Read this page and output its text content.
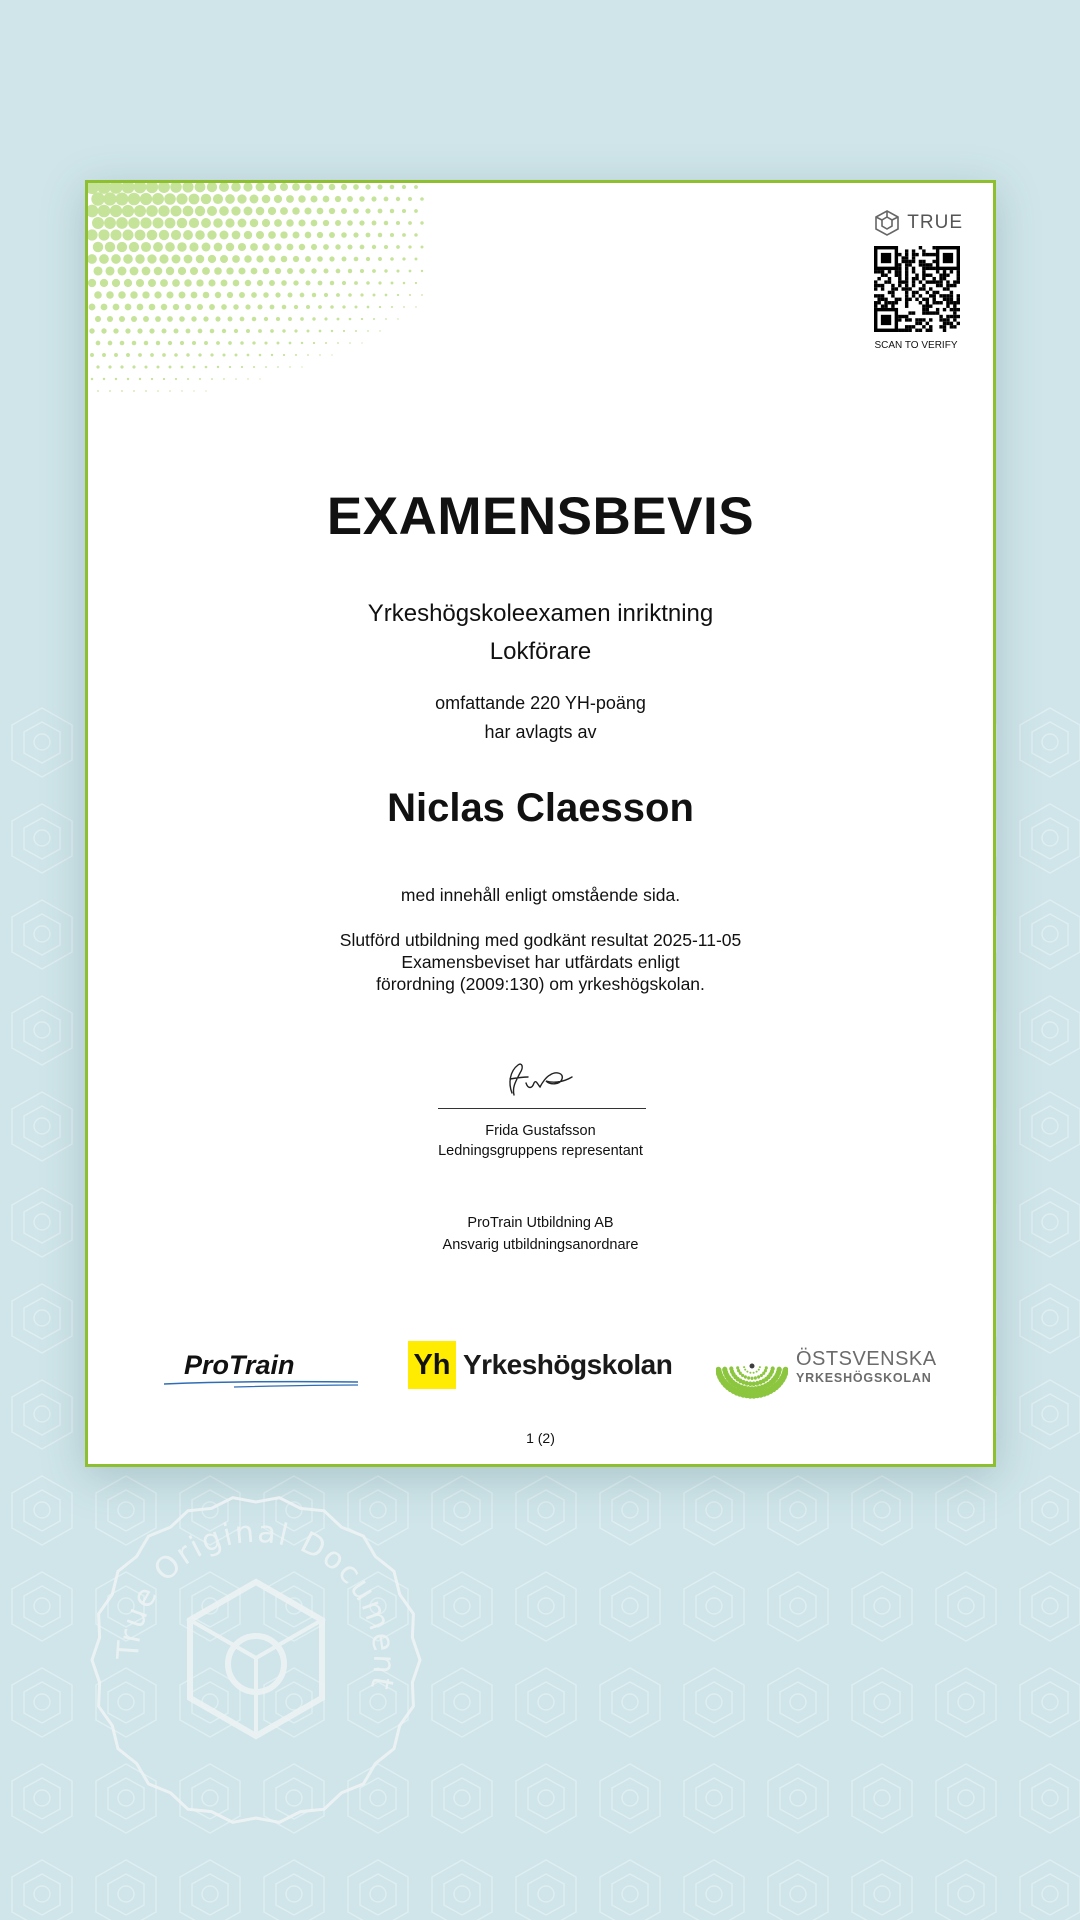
TRUE
SCAN TO VERIFY
EXAMENSBEVIS
Yrkeshögskoleexamen inriktning
Lokförare
omfattande 220 YH-poäng
har avlagts av
Niclas Claesson
med innehåll enligt omstående sida.
Slutförd utbildning med godkänt resultat 2025-11-05
Examensbeviset har utfärdats enligt
förordning (2009:130) om yrkeshögskolan.
Frida Gustafsson
Ledningsgruppens representant
ProTrain Utbildning AB
Ansvarig utbildningsanordnare
ProTrain	Yh Yrkeshögskolan	ÖSTSVENSKA
YRKESHÖGSKOLAN
1 (2)
True Original Document
